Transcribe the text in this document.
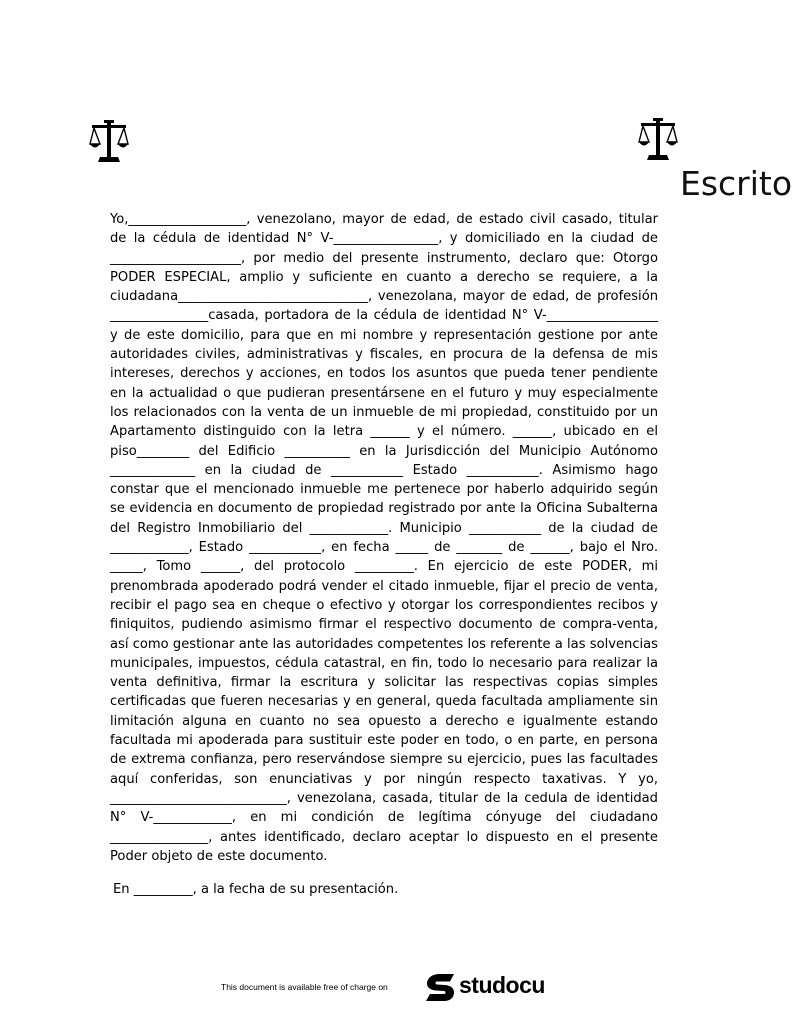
Escrito

Yo,__________________, venezolano, mayor de edad, de estado civil casado, titular de la cédula de identidad N° V-________________, y domiciliado en la ciudad de ____________________, por medio del presente instrumento, declaro que: Otorgo PODER ESPECIAL, amplio y suficiente en cuanto a derecho se requiere, a la ciudadana_____________________________, venezolana, mayor de edad, de profesión _______________casada, portadora de la cédula de identidad N° V-_________________ y de este domicilio, para que en mi nombre y representación gestione por ante autoridades civiles, administrativas y fiscales, en procura de la defensa de mis intereses, derechos y acciones, en todos los asuntos que pueda tener pendiente en la actualidad o que pudieran presentársene en el futuro y muy especialmente los relacionados con la venta de un inmueble de mi propiedad, constituido por un Apartamento distinguido con la letra ______ y el número. ______, ubicado en el piso________ del Edificio __________ en la Jurisdicción del Municipio Autónomo _____________ en la ciudad de ___________ Estado ___________. Asimismo hago constar que el mencionado inmueble me pertenece por haberlo adquirido según se evidencia en documento de propiedad registrado por ante la Oficina Subalterna del Registro Inmobiliario del ____________. Municipio ___________ de la ciudad de ____________, Estado ___________, en fecha _____ de _______ de ______, bajo el Nro. _____, Tomo ______, del protocolo _________. En ejercicio de este PODER, mi prenombrada apoderado podrá vender el citado inmueble, fijar el precio de venta, recibir el pago sea en cheque o efectivo y otorgar los correspondientes recibos y finiquitos, pudiendo asimismo firmar el respectivo documento de compra-venta, así como gestionar ante las autoridades competentes los referente a las solvencias municipales, impuestos, cédula catastral, en fin, todo lo necesario para realizar la venta definitiva, firmar la escritura y solicitar las respectivas copias simples certificadas que fueren necesarias y en general, queda facultada ampliamente sin limitación alguna en cuanto no sea opuesto a derecho e igualmente estando facultada mi apoderada para sustituir este poder en todo, o en parte, en persona de extrema confianza, pero reservándose siempre su ejercicio, pues las facultades aquí conferidas, son enunciativas y por ningún respecto taxativas. Y yo, ___________________________, venezolana, casada, titular de la cedula de identidad N° V-____________, en mi condición de legítima cónyuge del ciudadano _______________, antes identificado, declaro aceptar lo dispuesto en el presente Poder objeto de este documento.

En _________, a la fecha de su presentación.
This document is available free of charge on	studocu
